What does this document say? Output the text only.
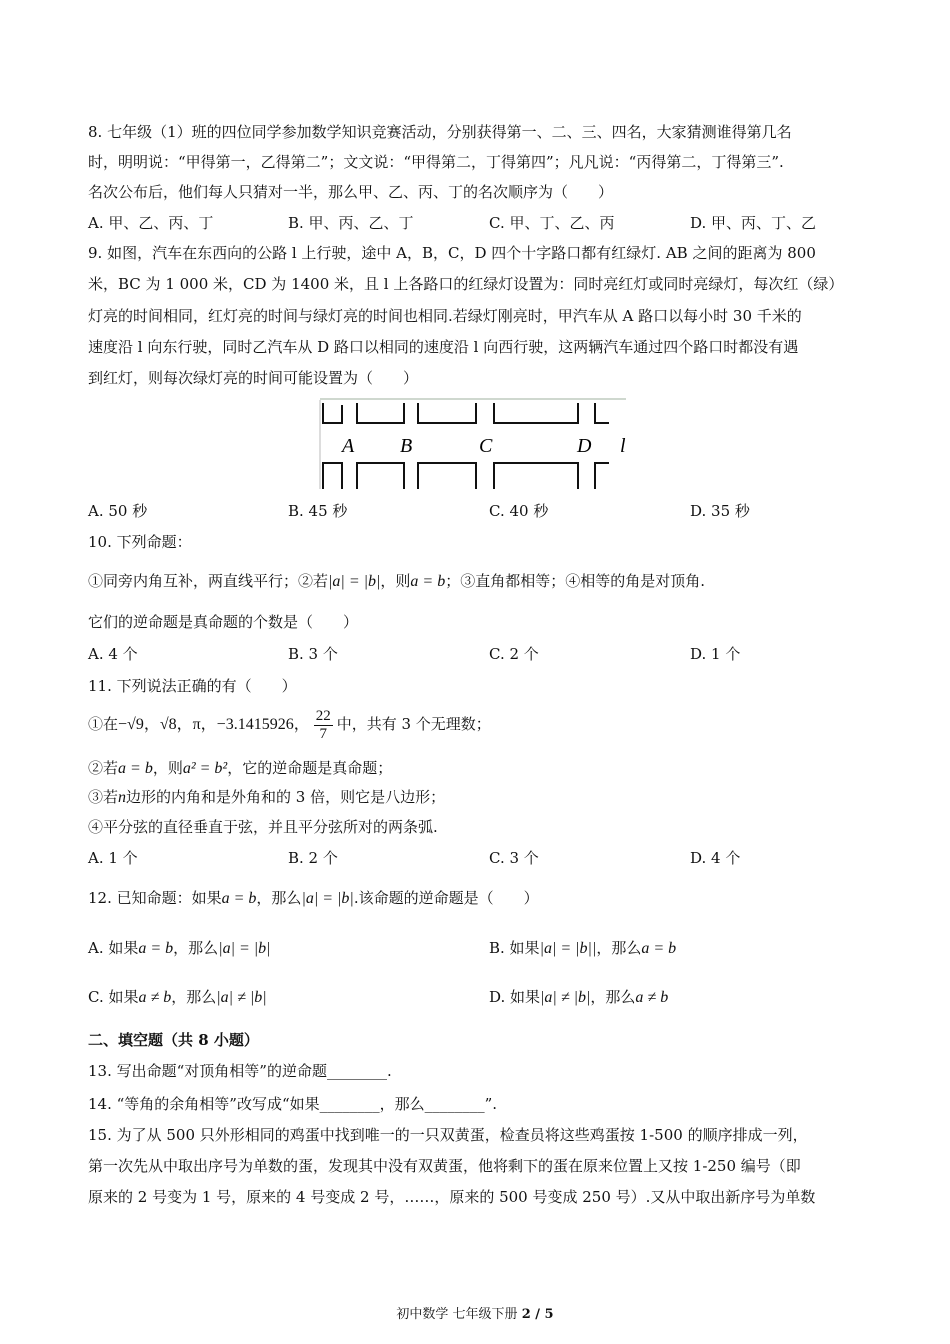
8. 七年级（1）班的四位同学参加数学知识竞赛活动，分别获得第一、二、三、四名，大家猜测谁得第几名
时，明明说：“甲得第一，乙得第二”；文文说：“甲得第二，丁得第四”；凡凡说：“丙得第二，丁得第三”.
名次公布后，他们每人只猜对一半，那么甲、乙、丙、丁的名次顺序为（　　）
A. 甲、乙、丙、丁	B. 甲、丙、乙、丁	C. 甲、丁、乙、丙	D. 甲、丙、丁、乙
9. 如图，汽车在东西向的公路 l 上行驶，途中 A，B，C，D 四个十字路口都有红绿灯. AB 之间的距离为 800
米，BC 为 1 000 米，CD 为 1400 米，且 l 上各路口的红绿灯设置为：同时亮红灯或同时亮绿灯，每次红（绿）
灯亮的时间相同，红灯亮的时间与绿灯亮的时间也相同.若绿灯刚亮时，甲汽车从 A 路口以每小时 30 千米的
速度沿 l 向东行驶，同时乙汽车从 D 路口以相同的速度沿 l 向西行驶，这两辆汽车通过四个路口时都没有遇
到红灯，则每次绿灯亮的时间可能设置为（　　）
A B	C	D l
A. 50 秒	B. 45 秒	C. 40 秒	D. 35 秒
10. 下列命题：
①同旁内角互补，两直线平行；②若|a| = |b|，则a = b；③直角都相等；④相等的角是对顶角.
它们的逆命题是真命题的个数是（　　）
A. 4 个	B. 3 个	C. 2 个	D. 1 个
11. 下列说法正确的有（　　）
①在−√9，√8，π，−3.1415926， $\frac{22}{7}$ 中，共有 3 个无理数；
②若a = b，则a² = b²，它的逆命题是真命题；
③若n边形的内角和是外角和的 3 倍，则它是八边形；
④平分弦的直径垂直于弦，并且平分弦所对的两条弧.
A. 1 个	B. 2 个	C. 3 个	D. 4 个
12. 已知命题：如果a = b，那么|a| = |b|.该命题的逆命题是（　　）
A. 如果a = b，那么|a| = |b|	B. 如果|a| = |b||，那么a = b
C. 如果a ≠ b，那么|a| ≠ |b|	D. 如果|a| ≠ |b|，那么a ≠ b
二、填空题（共 8 小题）
13. 写出命题“对顶角相等”的逆命题________.
14. “等角的余角相等”改写成“如果________，那么________”.
15. 为了从 500 只外形相同的鸡蛋中找到唯一的一只双黄蛋，检查员将这些鸡蛋按 1-500 的顺序排成一列，
第一次先从中取出序号为单数的蛋，发现其中没有双黄蛋，他将剩下的蛋在原来位置上又按 1-250 编号（即
原来的 2 号变为 1 号，原来的 4 号变成 2 号，……，原来的 500 号变成 250 号）.又从中取出新序号为单数
初中数学 七年级下册 2 / 5
